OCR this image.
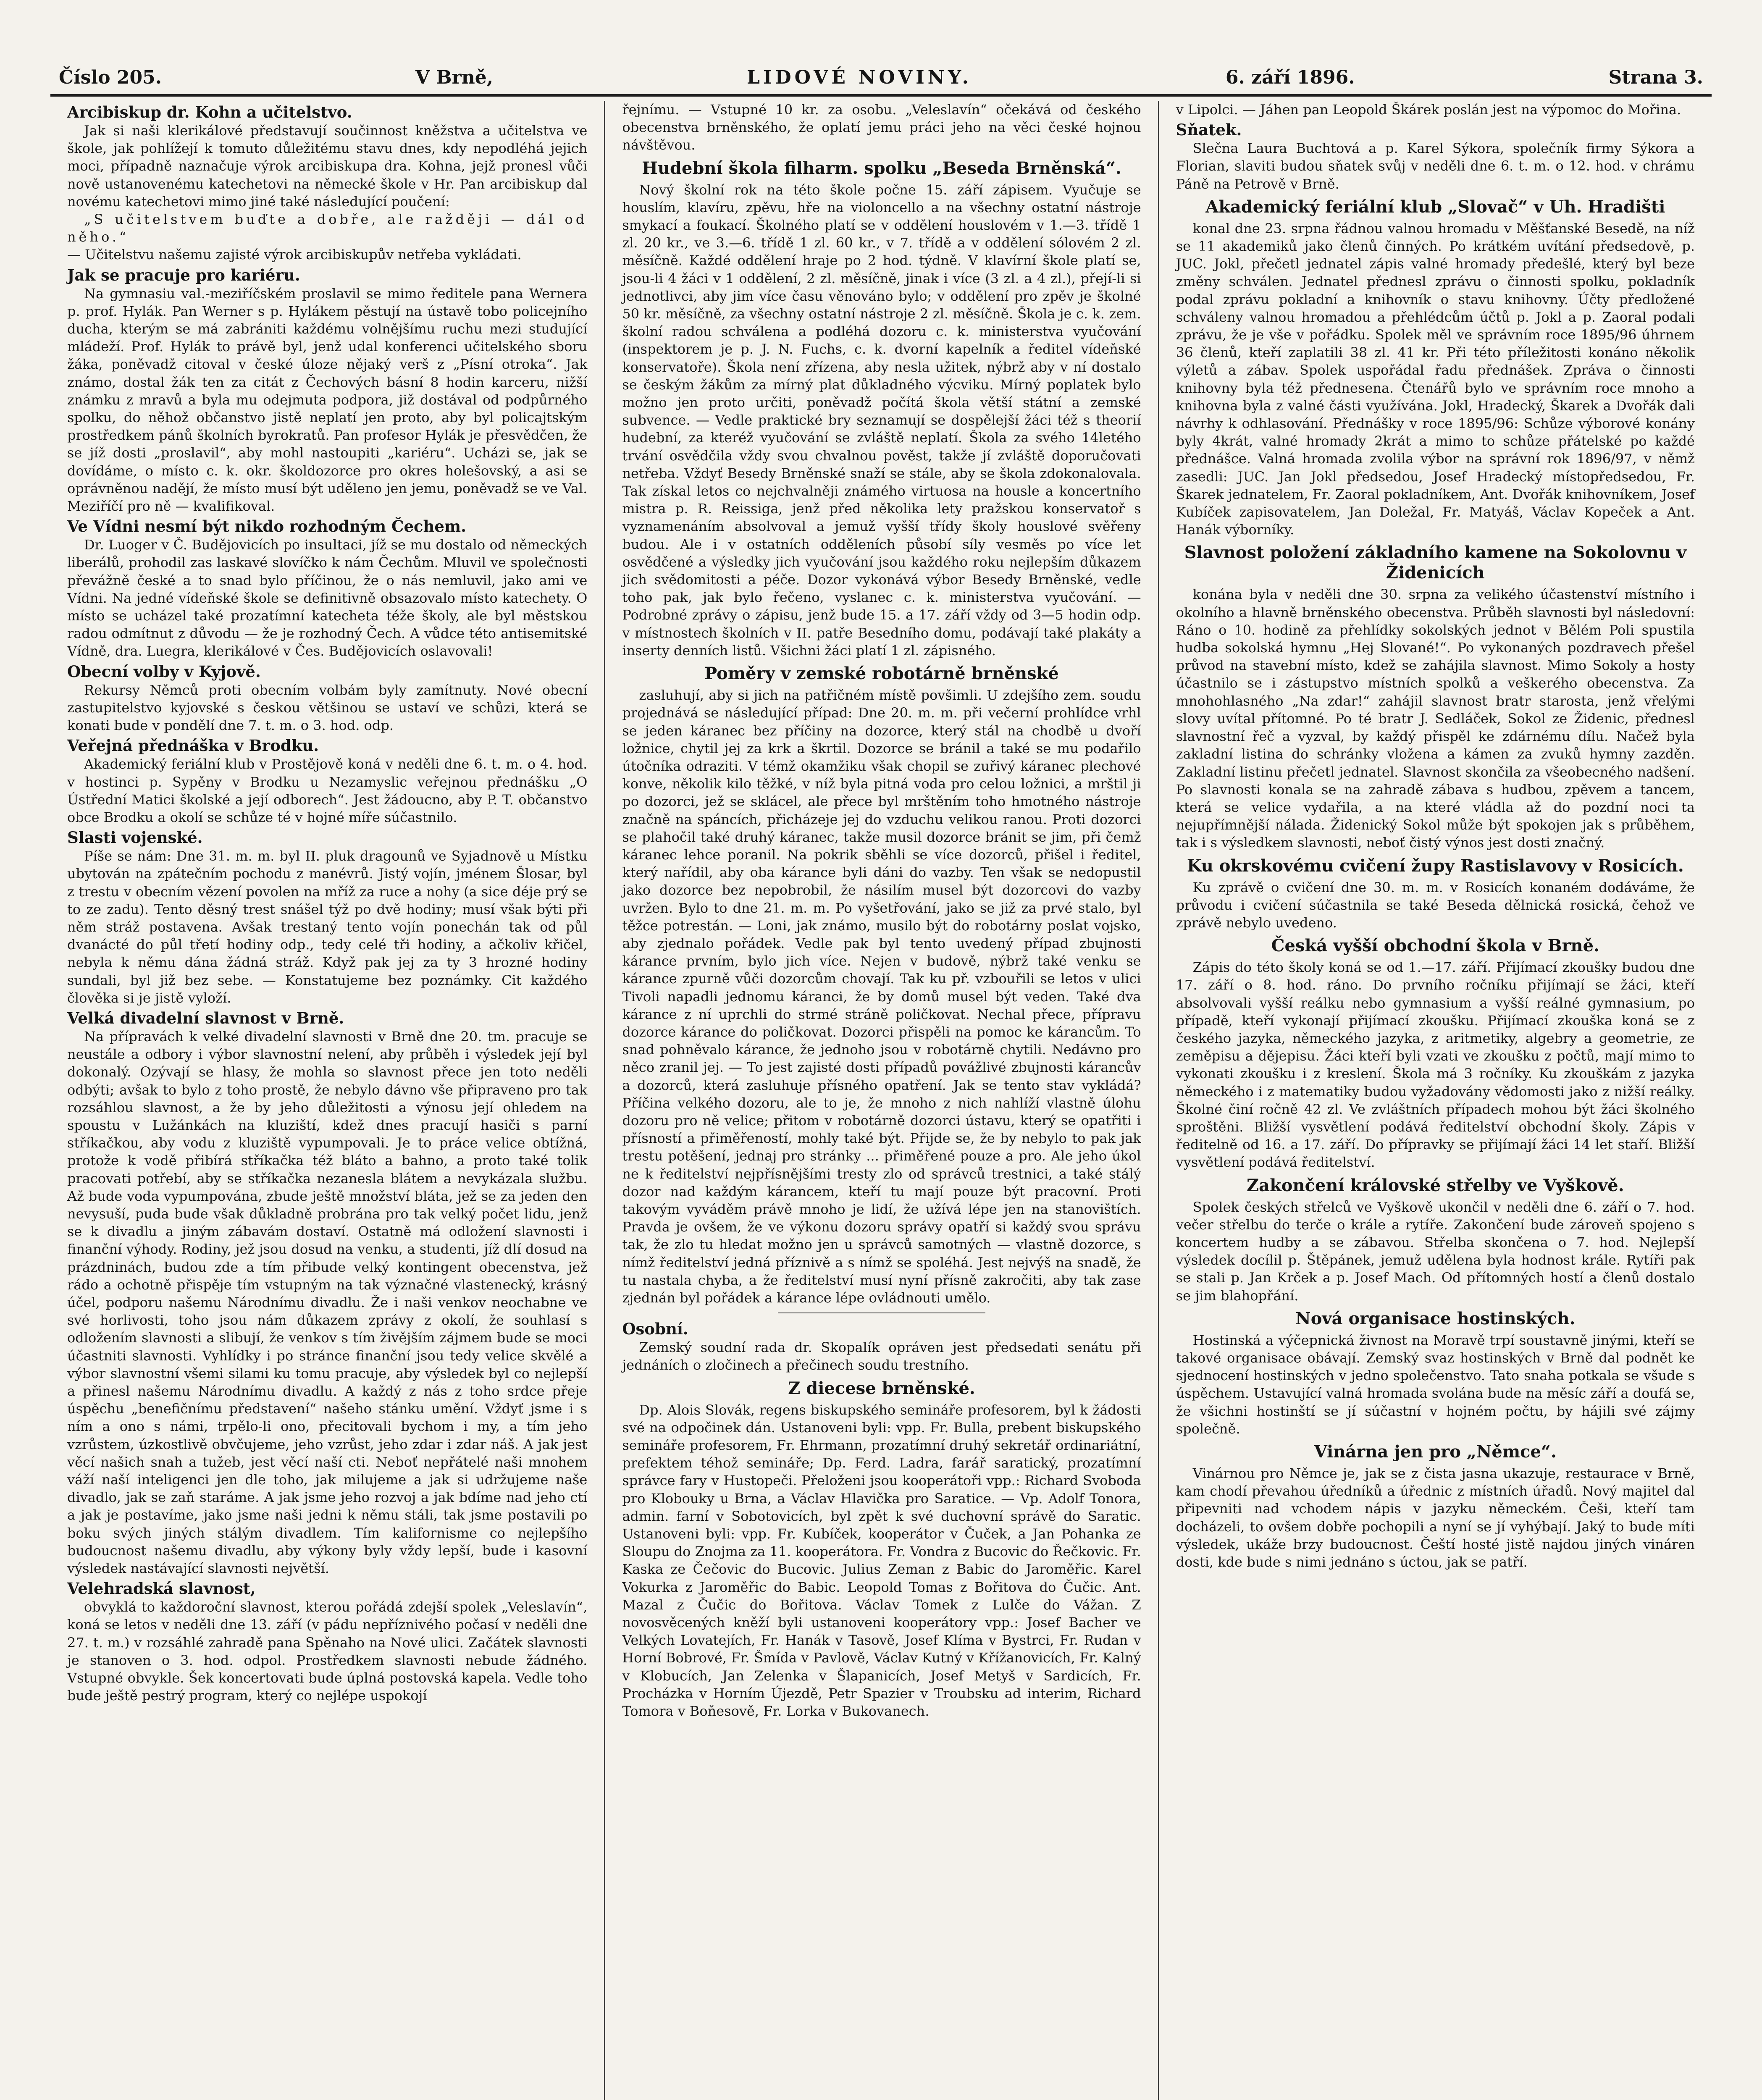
Číslo 205.	V Brně,	LIDOVÉ NOVINY.	6. září 1896.	Strana 3.
Arcibiskup dr. Kohn a učitelstvo.

Jak si naši klerikálové představují součinnost kněžstva a učitelstva ve škole, jak pohlížejí k tomuto důležitému stavu dnes, kdy nepodléhá jejich moci, případně naznačuje výrok arcibiskupa dra. Kohna, jejž pronesl vůči nově ustanovenému katechetovi na německé škole v Hr. Pan arcibiskup dal novému katechetovi mimo jiné také následující poučení:

„S učitelstvem buďte a dobře, ale ražději — dál od něho.“

— Učitelstvu našemu zajisté výrok arcibiskupův netřeba vykládati.

Jak se pracuje pro kariéru.

Na gymnasiu val.-meziříčském proslavil se mimo ředitele pana Wernera p. prof. Hylák. Pan Werner s p. Hylákem pěstují na ústavě tobo policejního ducha, kterým se má zabrániti každému volnějšímu ruchu mezi studující mládeží. Prof. Hylák to právě byl, jenž udal konferenci učitelského sboru žáka, poněvadž citoval v české úloze nějaký verš z „Písní otroka“. Jak známo, dostal žák ten za citát z Čechových básní 8 hodin karceru, nižší známku z mravů a byla mu odejmuta podpora, již dostával od podpůrného spolku, do něhož občanstvo jistě neplatí jen proto, aby byl policajtským prostředkem pánů školních byrokratů. Pan profesor Hylák je přesvědčen, že se jíž dosti „proslavil“, aby mohl nastoupiti „kariéru“. Ucházi se, jak se dovídáme, o místo c. k. okr. školdozorce pro okres holešovský, a asi se oprávněnou nadějí, že místo musí být uděleno jen jemu, poněvadž se ve Val. Meziříčí pro ně — kvalifikoval.

Ve Vídni nesmí být nikdo rozhodným Čechem.

Dr. Luoger v Č. Budějovicích po insultaci, jíž se mu dostalo od německých liberálů, prohodil zas laskavé slovíčko k nám Čechům. Mluvil ve společnosti převážně české a to snad bylo příčinou, že o nás nemluvil, jako ami ve Vídni. Na jedné vídeňské škole se definitivně obsazovalo místo katechety. O místo se ucházel také prozatímní katecheta téže školy, ale byl městskou radou odmítnut z důvodu — že je rozhodný Čech. A vůdce této antisemitské Vídně, dra. Luegra, klerikálové v Čes. Budějovicích oslavovali!

Obecní volby v Kyjově.

Rekursy Němců proti obecním volbám byly zamítnuty. Nové obecní zastupitelstvo kyjovské s českou většinou se ustaví ve schůzi, která se konati bude v pondělí dne 7. t. m. o 3. hod. odp.

Veřejná přednáška v Brodku.

Akademický feriální klub v Prostějově koná v neděli dne 6. t. m. o 4. hod. v hostinci p. Sypěny v Brodku u Nezamyslic veřejnou přednášku „O Ústřední Matici školské a její odborech“. Jest žádoucno, aby P. T. občanstvo obce Brodku a okolí se schůze té v hojné míře súčastnilo.

Slasti vojenské.

Píše se nám: Dne 31. m. m. byl II. pluk dragounů ve Syjadnově u Místku ubytován na zpátečním pochodu z manévrů. Jistý vojín, jménem Šlosar, byl z trestu v obecním vězení povolen na mříž za ruce a nohy (a sice déje prý se to ze zadu). Tento děsný trest snášel týž po dvě hodiny; musí však býti při něm stráž postavena. Avšak trestaný tento vojín ponechán tak od půl dvanácté do půl třetí hodiny odp., tedy celé tři hodiny, a ačkoliv křičel, nebyla k němu dána žádná stráž. Když pak jej za ty 3 hrozné hodiny sundali, byl již bez sebe. — Konstatujeme bez poznámky. Cit každého člověka si je jistě vyloží.

Velká divadelní slavnost v Brně.

Na přípravách k velké divadelní slavnosti v Brně dne 20. tm. pracuje se neustále a odbory i výbor slavnostní nelení, aby průběh i výsledek její byl dokonalý. Ozývají se hlasy, že mohla so slavnost přece jen toto neděli odbýti; avšak to bylo z toho prostě, že nebylo dávno vše připraveno pro tak rozsáhlou slavnost, a že by jeho důležitosti a výnosu její ohledem na spoustu v Lužánkách na kluziští, kdež dnes pracují hasiči s parní stříkačkou, aby vodu z kluziště vypumpovali. Je to práce velice obtížná, protože k vodě přibírá stříkačka též bláto a bahno, a proto také tolik pracovati potřebí, aby se stříkačka nezanesla blátem a nevykázala službu. Až bude voda vypumpována, zbude ještě množství bláta, jež se za jeden den nevysuší, puda bude však důkladně probrána pro tak velký počet lidu, jenž se k divadlu a jiným zábavám dostaví. Ostatně má odložení slavnosti i finanční výhody. Rodiny, jež jsou dosud na venku, a studenti, jíž dlí dosud na prázdninách, budou zde a tím přibude velký kontingent obecenstva, jež rádo a ochotně přispěje tím vstupným na tak význačné vlastenecký, krásný účel, podporu našemu Národnímu divadlu. Že i naši venkov neochabne ve své horlivosti, toho jsou nám důkazem zprávy z okolí, že souhlasí s odložením slavnosti a slibují, že venkov s tím živějším zájmem bude se moci účastniti slavnosti. Vyhlídky i po stránce finanční jsou tedy velice skvělé a výbor slavnostní všemi silami ku tomu pracuje, aby výsledek byl co nejlepší a přinesl našemu Národnímu divadlu. A každý z nás z toho srdce přeje úspěchu „benefičnímu představení“ našeho stánku umění. Vždyť jsme i s ním a ono s námi, trpělo-li ono, přecitovali bychom i my, a tím jeho vzrůstem, úzkostlivě obvčujeme, jeho vzrůst, jeho zdar i zdar náš. A jak jest věcí našich snah a tužeb, jest věcí naší cti. Neboť nepřátelé naši mnohem váží naší inteligenci jen dle toho, jak milujeme a jak si udržujeme naše divadlo, jak se zaň staráme. A jak jsme jeho rozvoj a jak bdíme nad jeho ctí a jak je postavíme, jako jsme naši jedni k němu stáli, tak jsme postavili po boku svých jiných stálým divadlem. Tím kalifornisme co nejlepšího budoucnost našemu divadlu, aby výkony byly vždy lepší, bude i kasovní výsledek nastávající slavnosti největší.

Velehradská slavnost,

obvyklá to každoroční slavnost, kterou pořádá zdejší spolek „Veleslavín“, koná se letos v neděli dne 13. září (v pádu nepříznivého počasí v neděli dne 27. t. m.) v rozsáhlé zahradě pana Spěnaho na Nové ulici. Začátek slavnosti je stanoven o 3. hod. odpol. Prostředkem slavnosti nebude žádného. Vstupné obvykle. Šek koncertovati bude úplná postovská kapela. Vedle toho bude ještě pestrý program, který co nejlépe uspokojí

řejnímu. — Vstupné 10 kr. za osobu. „Veleslavín“ očekává od českého obecenstva brněnského, že oplatí jemu práci jeho na věci české hojnou návštěvou.

Hudební škola filharm. spolku „Beseda Brněnská“.

Nový školní rok na této škole počne 15. září zápisem. Vyučuje se houslím, klavíru, zpěvu, hře na violoncello a na všechny ostatní nástroje smykací a foukací. Školného platí se v oddělení houslovém v 1.—3. třídě 1 zl. 20 kr., ve 3.—6. třídě 1 zl. 60 kr., v 7. třídě a v oddělení sólovém 2 zl. měsíčně. Každé oddělení hraje po 2 hod. týdně. V klavírní škole platí se, jsou-li 4 žáci v 1 oddělení, 2 zl. měsíčně, jinak i více (3 zl. a 4 zl.), přejí-li si jednotlivci, aby jim více času věnováno bylo; v oddělení pro zpěv je školné 50 kr. měsíčně, za všechny ostatní nástroje 2 zl. měsíčně. Škola je c. k. zem. školní radou schválena a podléhá dozoru c. k. ministerstva vyučování (inspektorem je p. J. N. Fuchs, c. k. dvorní kapelník a ředitel vídeňské konservatoře). Škola není zřízena, aby nesla užitek, nýbrž aby v ní dostalo se českým žákům za mírný plat důkladného výcviku. Mírný poplatek bylo možno jen proto určiti, poněvadž počítá škola větší státní a zemské subvence. — Vedle praktické bry seznamují se dospělejší žáci též s theorií hudební, za kteréž vyučování se zvláště neplatí. Škola za svého 14letého trvání osvědčila vždy svou chvalnou pověst, takže jí zvláště doporučovati netřeba. Vždyť Besedy Brněnské snaží se stále, aby se škola zdokonalovala. Tak získal letos co nejchvalněji známého virtuosa na housle a koncertního mistra p. R. Reissiga, jenž před několika lety pražskou konservatoř s vyznamenáním absolvoval a jemuž vyšší třídy školy houslové svěřeny budou. Ale i v ostatních odděleních působí síly vesměs po více let osvědčené a výsledky jich vyučování jsou každého roku nejlepším důkazem jich svědomitosti a péče. Dozor vykonává výbor Besedy Brněnské, vedle toho pak, jak bylo řečeno, vyslanec c. k. ministerstva vyučování. — Podrobné zprávy o zápisu, jenž bude 15. a 17. září vždy od 3—5 hodin odp. v místnostech školních v II. patře Besedního domu, podávají také plakáty a inserty denních listů. Všichni žáci platí 1 zl. zápisného.

Poměry v zemské robotárně brněnské

zasluhují, aby si jich na patřičném místě povšimli. U zdejšího zem. soudu projednává se následující případ: Dne 20. m. m. při večerní prohlídce vrhl se jeden káranec bez příčiny na dozorce, který stál na chodbě u dvoří ložnice, chytil jej za krk a škrtil. Dozorce se bránil a také se mu podařilo útočníka odraziti. V témž okamžiku však chopil se zuřivý káranec plechové konve, několik kilo těžké, v níž byla pitná voda pro celou ložnici, a mrštil ji po dozorci, jež se sklácel, ale přece byl mrštěním toho hmotného nástroje značně na spáncích, přicházeje jej do vzduchu velikou ranou. Proti dozorci se plahočil také druhý káranec, takže musil dozorce bránit se jim, při čemž káranec lehce poranil. Na pokrik sběhli se více dozorců, přišel i ředitel, který nařídil, aby oba kárance byli dáni do vazby. Ten však se nedopustil jako dozorce bez nepobrobil, že násilím musel být dozorcovi do vazby uvržen. Bylo to dne 21. m. m. Po vyšetřování, jako se již za prvé stalo, byl těžce potrestán. — Loni, jak známo, musilo být do robotárny poslat vojsko, aby zjednalo pořádek. Vedle pak byl tento uvedený případ zbujnosti kárance prvním, bylo jich více. Nejen v budově, nýbrž také venku se kárance zpurně vůči dozorcům chovají. Tak ku př. vzbouřili se letos v ulici Tivoli napadli jednomu káranci, že by domů musel být veden. Také dva kárance z ní uprchli do strmé stráně poličkovat. Nechal přece, přípravu dozorce kárance do poličkovat. Dozorci přispěli na pomoc ke kárancům. To snad pohněvalo kárance, že jednoho jsou v robotárně chytili. Nedávno pro něco zranil jej. — To jest zajisté dosti případů povážlivé zbujnosti kárancův a dozorců, která zasluhuje přísného opatření. Jak se tento stav vykládá? Příčina velkého dozoru, ale to je, že mnoho z nich nahlíží vlastně úlohu dozoru pro ně velice; přitom v robotárně dozorci ústavu, který se opatřiti i přísností a přiměřeností, mohly také být. Přijde se, že by nebylo to pak jak trestu potěšení, jednaj pro stránky ... přiměřené pouze a pro. Ale jeho úkol ne k ředitelství nejpřísnějšími tresty zlo od správců trestnici, a také stálý dozor nad každým kárancem, kteří tu mají pouze být pracovní. Proti takovým vyváděm právě mnoho je lidí, že užívá lépe jen na stanovištích. Pravda je ovšem, že ve výkonu dozoru správy opatří si každý svou správu tak, že zlo tu hledat možno jen u správců samotných — vlastně dozorce, s nímž ředitelství jedná příznivě a s nímž se spoléhá. Jest nejvýš na snadě, že tu nastala chyba, a že ředitelství musí nyní přísně zakročiti, aby tak zase zjednán byl pořádek a kárance lépe ovládnouti umělo.

Osobní.

Zemský soudní rada dr. Skopalík opráven jest předsedati senátu při jednáních o zločinech a přečinech soudu trestního.

Z diecese brněnské.

Dp. Alois Slovák, regens biskupského semináře profesorem, byl k žádosti své na odpočinek dán. Ustanoveni byli: vpp. Fr. Bulla, prebent biskupského semináře profesorem, Fr. Ehrmann, prozatímní druhý sekretář ordinariátní, prefektem téhož semináře; Dp. Ferd. Ladra, farář saratický, prozatímní správce fary v Hustopeči. Přeloženi jsou kooperátoři vpp.: Richard Svoboda pro Klobouky u Brna, a Václav Hlavička pro Saratice. — Vp. Adolf Tonora, admin. farní v Sobotovicích, byl zpět k své duchovní správě do Saratic. Ustanoveni byli: vpp. Fr. Kubíček, kooperátor v Čuček, a Jan Pohanka ze Sloupu do Znojma za 11. kooperátora. Fr. Vondra z Bucovic do Řečkovic. Fr. Kaska ze Čečovic do Bucovic. Julius Zeman z Babic do Jaroměřic. Karel Vokurka z Jaroměřic do Babic. Leopold Tomas z Bořitova do Čučic. Ant. Mazal z Čučic do Bořitova. Václav Tomek z Lulče do Vážan. Z novosvěcených kněží byli ustanoveni kooperátory vpp.: Josef Bacher ve Velkých Lovatejích, Fr. Hanák v Tasově, Josef Klíma v Bystrci, Fr. Rudan v Horní Bobrové, Fr. Šmída v Pavlově, Václav Kutný v Křížanovicích, Fr. Kalný v Klobucích, Jan Zelenka v Šlapanicích, Josef Metyš v Sardicích, Fr. Procházka v Horním Újezdě, Petr Spazier v Troubsku ad interim, Richard Tomora v Boňesově, Fr. Lorka v Bukovanech.

v Lipolci. — Jáhen pan Leopold Škárek poslán jest na výpomoc do Mořina.

Sňatek.

Slečna Laura Buchtová a p. Karel Sýkora, společník firmy Sýkora a Florian, slaviti budou sňatek svůj v neděli dne 6. t. m. o 12. hod. v chrámu Páně na Petrově v Brně.

Akademický feriální klub „Slovač“ v Uh. Hradišti

konal dne 23. srpna řádnou valnou hromadu v Měšťanské Besedě, na níž se 11 akademiků jako členů činných. Po krátkém uvítání předsedově, p. JUC. Jokl, přečetl jednatel zápis valné hromady předešlé, který byl beze změny schválen. Jednatel přednesl zprávu o činnosti spolku, pokladník podal zprávu pokladní a knihovník o stavu knihovny. Účty předložené schváleny valnou hromadou a přehlédcům účtů p. Jokl a p. Zaoral podali zprávu, že je vše v pořádku. Spolek měl ve správním roce 1895/96 úhrnem 36 členů, kteří zaplatili 38 zl. 41 kr. Při této příležitosti konáno několik výletů a zábav. Spolek uspořádal řadu přednášek. Zpráva o činnosti knihovny byla též přednesena. Čtenářů bylo ve správním roce mnoho a knihovna byla z valné části využívána. Jokl, Hradecký, Škarek a Dvořák dali návrhy k odhlasování. Přednášky v roce 1895/96: Schůze výborové konány byly 4krát, valné hromady 2krát a mimo to schůze přátelské po každé přednášce. Valná hromada zvolila výbor na správní rok 1896/97, v němž zasedli: JUC. Jan Jokl předsedou, Josef Hradecký místopředsedou, Fr. Škarek jednatelem, Fr. Zaoral pokladníkem, Ant. Dvořák knihovníkem, Josef Kubíček zapisovatelem, Jan Doležal, Fr. Matyáš, Václav Kopeček a Ant. Hanák výborníky.

Slavnost položení základního kamene na Sokolovnu v Židenicích

konána byla v neděli dne 30. srpna za velikého účastenství místního i okolního a hlavně brněnského obecenstva. Průběh slavnosti byl následovní: Ráno o 10. hodině za přehlídky sokolských jednot v Bělém Poli spustila hudba sokolská hymnu „Hej Slované!“. Po vykonaných pozdravech přešel průvod na stavební místo, kdež se zahájila slavnost. Mimo Sokoly a hosty účastnilo se i zástupstvo místních spolků a veškerého obecenstva. Za mnohohlasného „Na zdar!“ zahájil slavnost bratr starosta, jenž vřelými slovy uvítal přítomné. Po té bratr J. Sedláček, Sokol ze Židenic, přednesl slavnostní řeč a vyzval, by každý přispěl ke zdárnému dílu. Načež byla zakladní listina do schránky vložena a kámen za zvuků hymny zazděn. Zakladní listinu přečetl jednatel. Slavnost skončila za všeobecného nadšení. Po slavnosti konala se na zahradě zábava s hudbou, zpěvem a tancem, která se velice vydařila, a na které vládla až do pozdní noci ta nejupřímnější nálada. Židenický Sokol může být spokojen jak s průběhem, tak i s výsledkem slavnosti, neboť čistý výnos jest dosti značný.

Ku okrskovému cvičení župy Rastislavovy v Rosicích.

Ku zprávě o cvičení dne 30. m. m. v Rosicích konaném dodáváme, že průvodu i cvičení súčastnila se také Beseda dělnická rosická, čehož ve zprávě nebylo uvedeno.

Česká vyšší obchodní škola v Brně.

Zápis do této školy koná se od 1.—17. září. Přijímací zkoušky budou dne 17. září o 8. hod. ráno. Do prvního ročníku přijímají se žáci, kteří absolvovali vyšší reálku nebo gymnasium a vyšší reálné gymnasium, po případě, kteří vykonají přijímací zkoušku. Přijímací zkouška koná se z českého jazyka, německého jazyka, z aritmetiky, algebry a geometrie, ze zeměpisu a dějepisu. Žáci kteří byli vzati ve zkoušku z počtů, mají mimo to vykonati zkoušku i z kreslení. Škola má 3 ročníky. Ku zkouškám z jazyka německého i z matematiky budou vyžadovány vědomosti jako z nižší reálky. Školné činí ročně 42 zl. Ve zvláštních případech mohou být žáci školného sproštěni. Bližší vysvětlení podává ředitelství obchodní školy. Zápis v ředitelně od 16. a 17. září. Do přípravky se přijímají žáci 14 let staří. Bližší vysvětlení podává ředitelství.

Zakončení královské střelby ve Vyškově.

Spolek českých střelců ve Vyškově ukončil v neděli dne 6. září o 7. hod. večer střelbu do terče o krále a rytíře. Zakončení bude zároveň spojeno s koncertem hudby a se zábavou. Střelba skončena o 7. hod. Nejlepší výsledek docílil p. Štěpánek, jemuž udělena byla hodnost krále. Rytíři pak se stali p. Jan Krček a p. Josef Mach. Od přítomných hostí a členů dostalo se jim blahopřání.

Nová organisace hostinských.

Hostinská a výčepnická živnost na Moravě trpí soustavně jinými, kteří se takové organisace obávají. Zemský svaz hostinských v Brně dal podnět ke sjednocení hostinských v jedno společenstvo. Tato snaha potkala se všude s úspěchem. Ustavující valná hromada svolána bude na měsíc září a doufá se, že všichni hostinští se jí súčastní v hojném počtu, by hájili své zájmy společně.

Vinárna jen pro „Němce“.

Vinárnou pro Němce je, jak se z čista jasna ukazuje, restaurace v Brně, kam chodí převahou úředníků a úřednic z místních úřadů. Nový majitel dal připevniti nad vchodem nápis v jazyku německém. Češi, kteří tam docházeli, to ovšem dobře pochopili a nyní se jí vyhýbají. Jaký to bude míti výsledek, ukáže brzy budoucnost. Čeští hosté jistě najdou jiných vináren dosti, kde bude s nimi jednáno s úctou, jak se patří.
